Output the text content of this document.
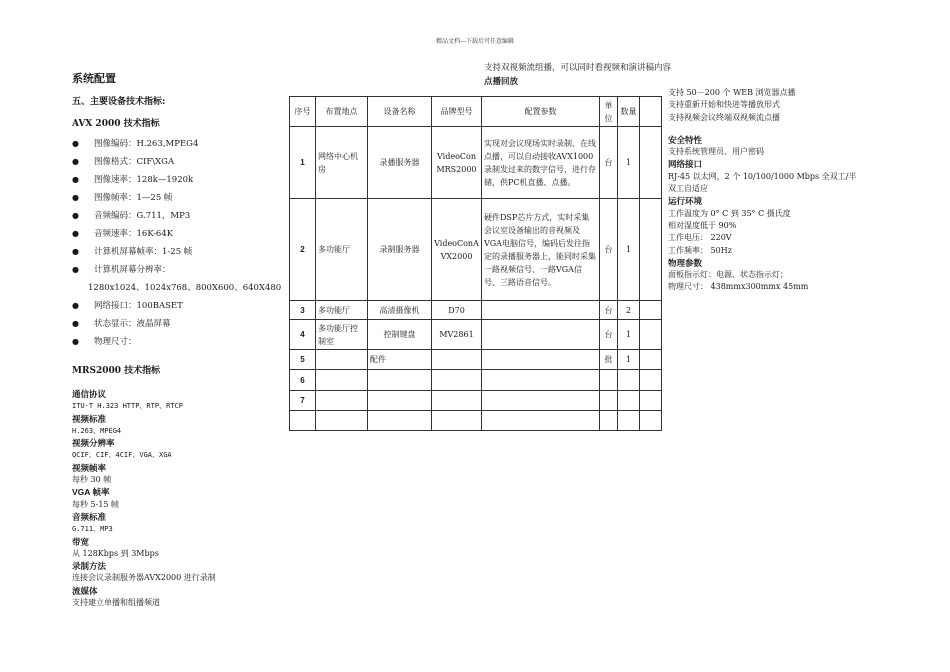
精品文档---下载后可任意编辑
系统配置
五、主要设备技术指标:
AVX 2000 技术指标
● 图像编码：H.263,MPEG4
● 图像格式：CIF\XGA
● 图像速率：128k—1920k
● 图像帧率：1—25 帧
● 音频编码：G.711，MP3
● 音频速率：16K-64K
● 计算机屏幕帧率：1-25 帧
● 计算机屏幕分辨率：
1280x1024、1024x768、800X600、640X480
● 网络接口：100BASET
● 状态显示：液晶屏幕
● 物理尺寸：
MRS2000 技术指标
通信协议
ITU-T H.323 HTTP、RTP、RTCP
视频标准
H.263、MPEG4
视频分辨率
QCIF、CIF、4CIF、VGA、XGA
视频帧率
每秒 30 帧
VGA 帧率
每秒 5-15 帧
音频标准
G.711、MP3
带宽
从 128Kbps 到 3Mbps
录制方法
连接会议录制服务器AVX2000 进行录制
流媒体
支持建立单播和组播频道
支持双视频流组播，可以同时看视频和演讲稿内容
点播回放
序号	布置地点	设备名称	品牌型号	配置参数	单位	数量	
1	网络中心机房	录播服务器	VideoConMRS2000	实现对会议现场实时录制、在线点播，可以自动接收AVX1000 录制发过来的数字信号，进行存储，供PC机直播、点播。	台	1	
2	多功能厅	录制服务器	VideoConAVX2000	硬件DSP芯片方式，实时采集会议室设备输出的音视频及VGA电脑信号，编码后发往指定的录播服务器上，能同时采集一路视频信号、一路VGA信号、三路语音信号。	台	1	
3	多功能厅	高清摄像机	D70		台	2	
4	多功能厅控制室	控制键盘	MV2861		台	1	
5		配件			批	1	
6							
7							

支持 50－200 个 WEB 浏览器点播
支持重新开始和快进等播放形式
支持视频会议终端双视频流点播
安全特性
支持系统管理员、用户密码
网络接口
RJ-45 以太网，2 个 10/100/1000 Mbps 全双工/半
双工自适应
运行环境
工作温度为 0° C 到 35° C 摄氏度
相对湿度低于 90%
工作电压： 220V
工作频率： 50Hz
物理参数
面板指示灯：电源、状态指示灯；
物理尺寸： 438mmx300mmx 45mm
